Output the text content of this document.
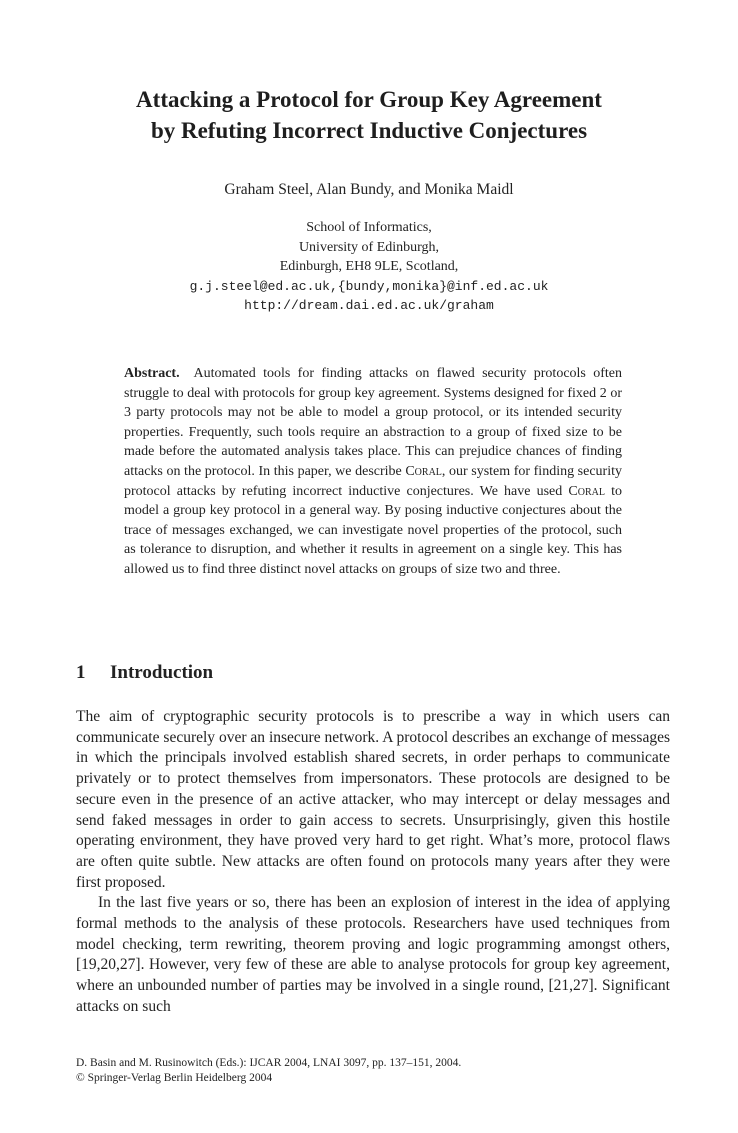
Attacking a Protocol for Group Key Agreement
by Refuting Incorrect Inductive Conjectures
Graham Steel, Alan Bundy, and Monika Maidl
School of Informatics,
University of Edinburgh,
Edinburgh, EH8 9LE, Scotland,
g.j.steel@ed.ac.uk,{bundy,monika}@inf.ed.ac.uk
http://dream.dai.ed.ac.uk/graham
Abstract. Automated tools for finding attacks on flawed security protocols often struggle to deal with protocols for group key agreement. Systems designed for fixed 2 or 3 party protocols may not be able to model a group protocol, or its intended security properties. Frequently, such tools require an abstraction to a group of fixed size to be made before the automated analysis takes place. This can prejudice chances of finding attacks on the protocol. In this paper, we describe Coral, our system for finding security protocol attacks by refuting incorrect inductive conjectures. We have used Coral to model a group key protocol in a general way. By posing inductive conjectures about the trace of messages exchanged, we can investigate novel properties of the protocol, such as tolerance to disruption, and whether it results in agreement on a single key. This has allowed us to find three distinct novel attacks on groups of size two and three.
1 Introduction

The aim of cryptographic security protocols is to prescribe a way in which users can communicate securely over an insecure network. A protocol describes an exchange of messages in which the principals involved establish shared secrets, in order perhaps to communicate privately or to protect themselves from impersonators. These protocols are designed to be secure even in the presence of an active attacker, who may intercept or delay messages and send faked messages in order to gain access to secrets. Unsurprisingly, given this hostile operating environment, they have proved very hard to get right. What’s more, protocol flaws are often quite subtle. New attacks are often found on protocols many years after they were first proposed.

In the last five years or so, there has been an explosion of interest in the idea of applying formal methods to the analysis of these protocols. Researchers have used techniques from model checking, term rewriting, theorem proving and logic programming amongst others, [19,20,27]. However, very few of these are able to analyse protocols for group key agreement, where an unbounded number of parties may be involved in a single round, [21,27]. Significant attacks on such

D. Basin and M. Rusinowitch (Eds.): IJCAR 2004, LNAI 3097, pp. 137–151, 2004.
© Springer-Verlag Berlin Heidelberg 2004
